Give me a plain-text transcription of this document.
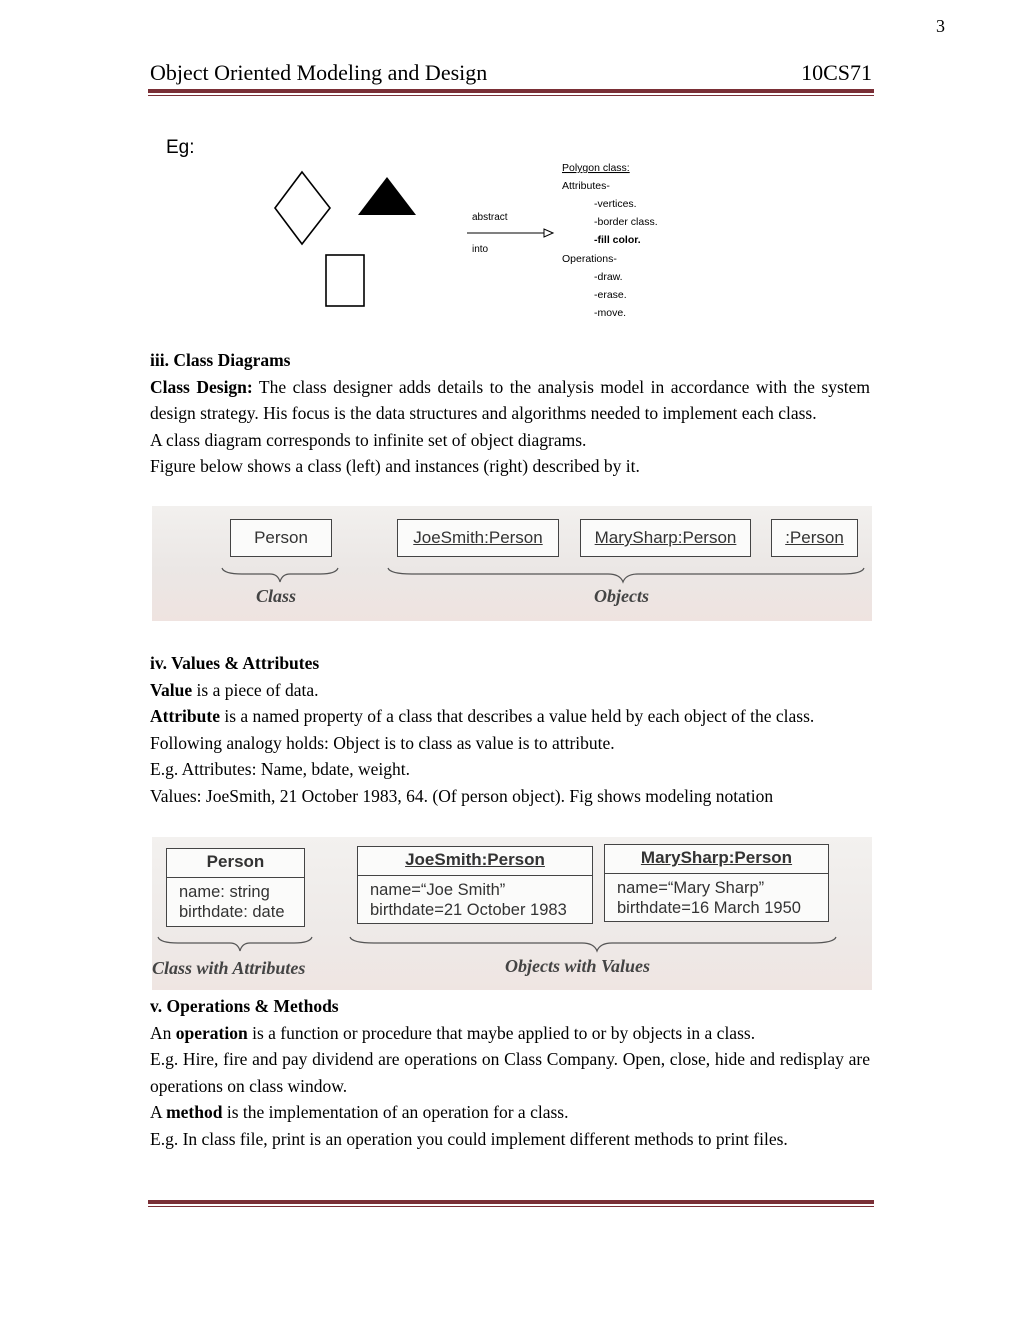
3
Object Oriented Modeling and Design	10CS71
Eg:
abstract
into
Polygon class:
Attributes-
-vertices.
-border class.
-fill color.
Operations-
-draw.
-erase.
-move.

iii. Class Diagrams

Class Design: The class designer adds details to the analysis model in accordance with the system design strategy. His focus is the data structures and algorithms needed to implement each class.

A class diagram corresponds to infinite set of object diagrams.

Figure below shows a class (left) and instances (right) described by it.

Person	JoeSmith:Person	MarySharp:Person	:Person
Class	Objects

iv. Values & Attributes

Value is a piece of data.

Attribute is a named property of a class that describes a value held by each object of the class.

Following analogy holds: Object is to class as value is to attribute.

E.g. Attributes: Name, bdate, weight.

Values: JoeSmith, 21 October 1983, 64. (Of person object). Fig shows modeling notation

Person
name: string
birthdate: date
JoeSmith:Person
name=“Joe Smith”
birthdate=21 October 1983
MarySharp:Person
name=“Mary Sharp”
birthdate=16 March 1950
Class with Attributes	Objects with Values

v. Operations & Methods

An operation is a function or procedure that maybe applied to or by objects in a class.

E.g. Hire, fire and pay dividend are operations on Class Company. Open, close, hide and redisplay are operations on class window.

A method is the implementation of an operation for a class.

E.g. In class file, print is an operation you could implement different methods to print files.
